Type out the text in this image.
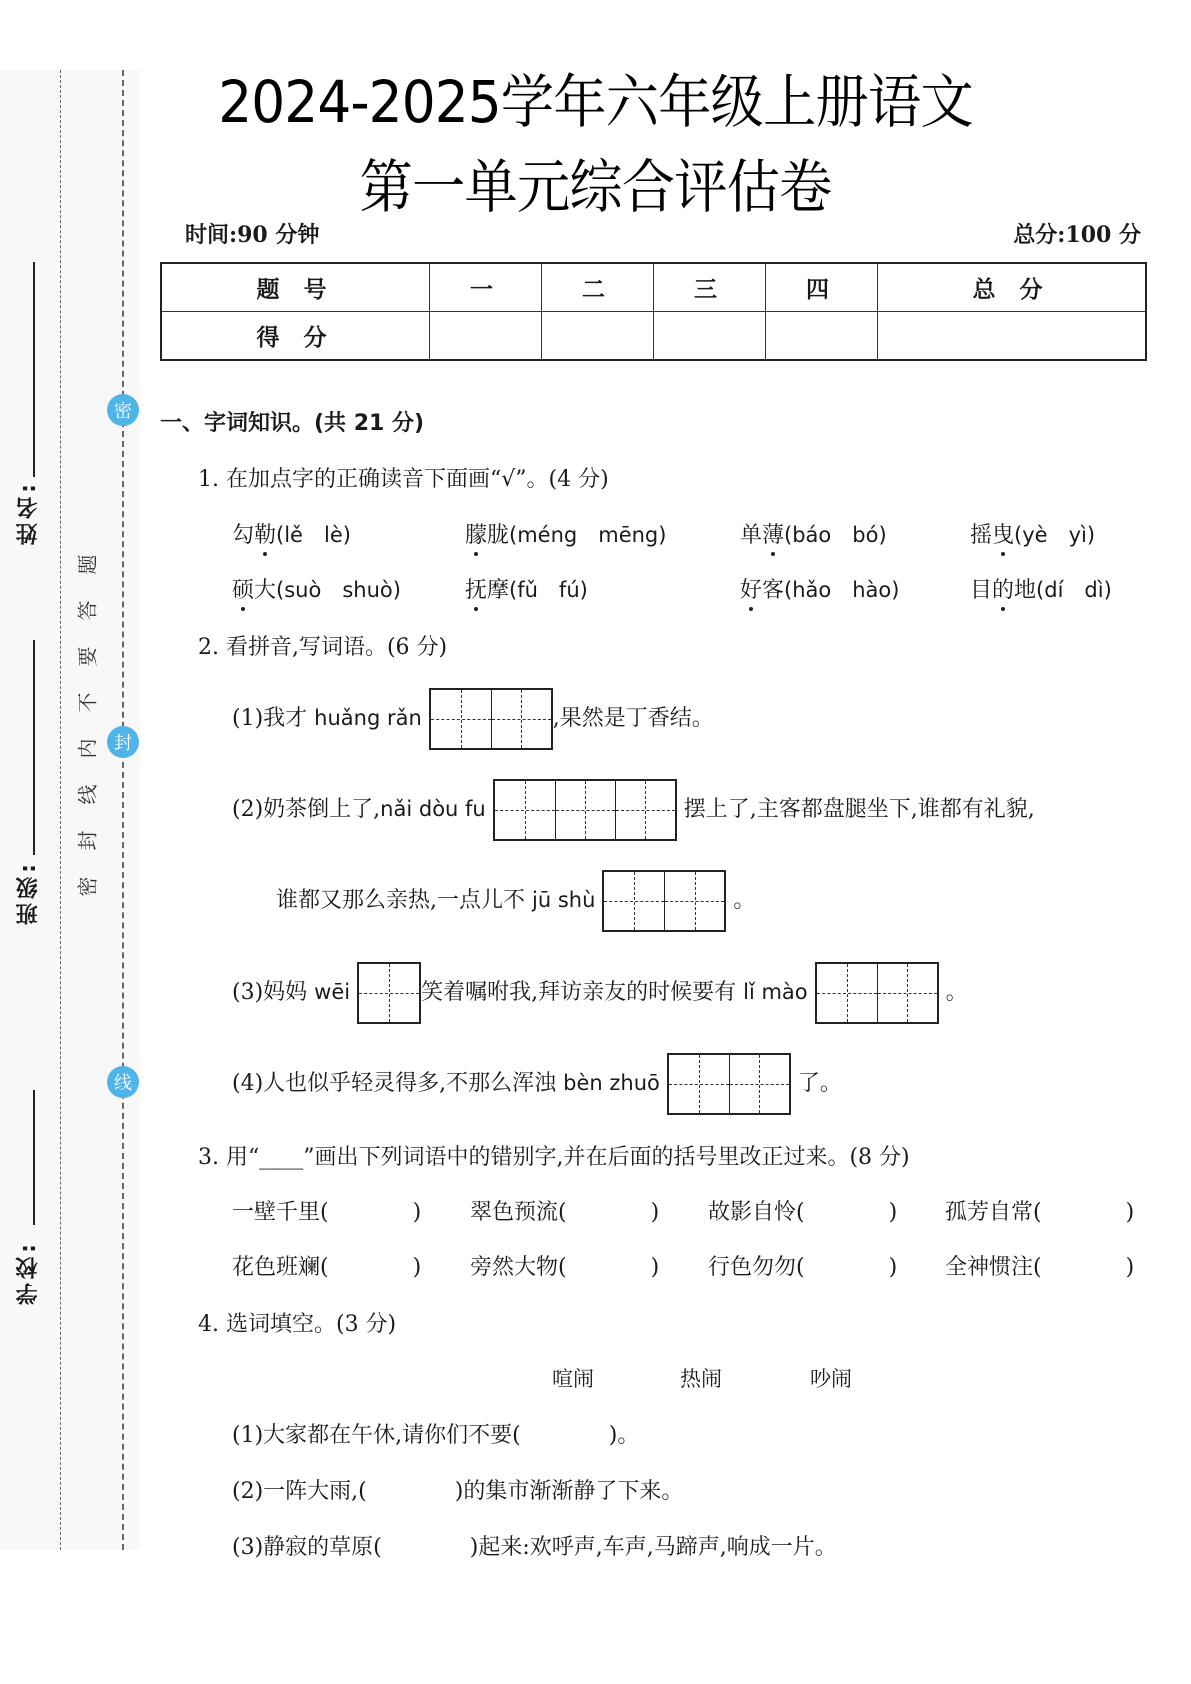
姓名:
班级:
学校:
题
答
要
不
内
线
封
密
密
封
线
2024-2025学年六年级上册语文
第一单元综合评估卷
时间:90 分钟	总分:100 分
题 号	一	二	三	四	总 分
得 分					
一、字词知识。(共 21 分)
1. 在加点字的正确读音下面画“√”。(4 分)
勾勒(lě　lè)	朦胧(méng　mēng)	单薄(báo　bó)	摇曳(yè　yì)
硕大(suò　shuò)	抚摩(fǔ　fú)	好客(hǎo　hào)	目的地(dí　dì)
2. 看拼音,写词语。(6 分)
(1)我才 huǎng rǎn	,果然是丁香结。
(2)奶茶倒上了,nǎi dòu fu	摆上了,主客都盘腿坐下,谁都有礼貌,
谁都又那么亲热,一点儿不 jū shù	。
(3)妈妈 wēi	笑着嘱咐我,拜访亲友的时候要有 lǐ mào	。
(4)人也似乎轻灵得多,不那么浑浊 bèn zhuō	了。
3. 用“____”画出下列词语中的错别字,并在后面的括号里改正过来。(8 分)
一壁千里(	) 翠色预流(	) 故影自怜(	) 孤芳自常(	)
花色班斓(	) 旁然大物(	) 行色勿勿(	) 全神惯注(	)
4. 选词填空。(3 分)
喧闹	热闹	吵闹
(1)大家都在午休,请你们不要(　　　　)。
(2)一阵大雨,(　　　　)的集市渐渐静了下来。
(3)静寂的草原(　　　　)起来:欢呼声,车声,马蹄声,响成一片。
